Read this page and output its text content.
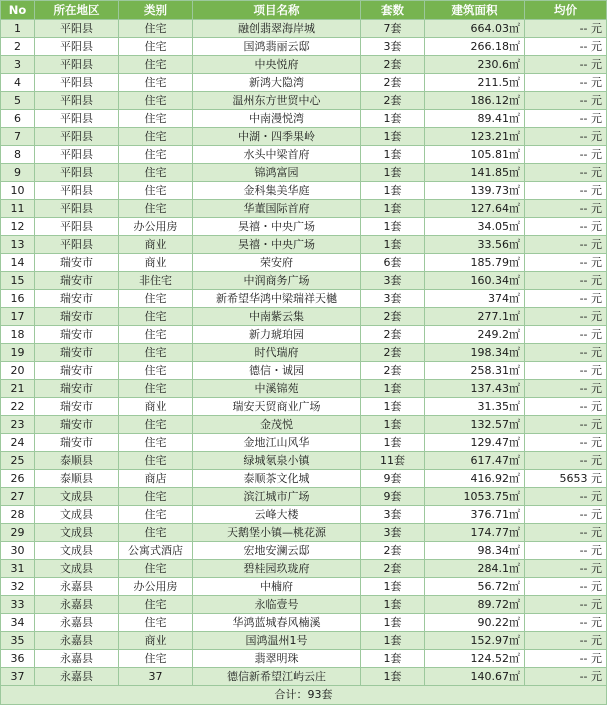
No	所在地区	类别	项目名称	套数	建筑面积	均价
1	平阳县	住宅	融创翡翠海岸城	7套	664.03㎡	-- 元
2	平阳县	住宅	国鸿翡丽云邸	3套	266.18㎡	-- 元
3	平阳县	住宅	中央悦府	2套	230.6㎡	-- 元
4	平阳县	住宅	新鸿大隐湾	2套	211.5㎡	-- 元
5	平阳县	住宅	温州东方世贸中心	2套	186.12㎡	-- 元
6	平阳县	住宅	中南漫悦湾	1套	89.41㎡	-- 元
7	平阳县	住宅	中湖・四季果岭	1套	123.21㎡	-- 元
8	平阳县	住宅	水头中梁首府	1套	105.81㎡	-- 元
9	平阳县	住宅	锦鸿富园	1套	141.85㎡	-- 元
10	平阳县	住宅	金科集美华庭	1套	139.73㎡	-- 元
11	平阳县	住宅	华董国际首府	1套	127.64㎡	-- 元
12	平阳县	办公用房	昊禧・中央广场	1套	34.05㎡	-- 元
13	平阳县	商业	昊禧・中央广场	1套	33.56㎡	-- 元
14	瑞安市	商业	荣安府	6套	185.79㎡	-- 元
15	瑞安市	非住宅	中润商务广场	3套	160.34㎡	-- 元
16	瑞安市	住宅	新希望华鸿中梁瑞祥天樾	3套	374㎡	-- 元
17	瑞安市	住宅	中南紫云集	2套	277.1㎡	-- 元
18	瑞安市	住宅	新力琥珀园	2套	249.2㎡	-- 元
19	瑞安市	住宅	时代瑞府	2套	198.34㎡	-- 元
20	瑞安市	住宅	德信・诚园	2套	258.31㎡	-- 元
21	瑞安市	住宅	中溪锦苑	1套	137.43㎡	-- 元
22	瑞安市	商业	瑞安天贸商业广场	1套	31.35㎡	-- 元
23	瑞安市	住宅	金茂悦	1套	132.57㎡	-- 元
24	瑞安市	住宅	金地江山风华	1套	129.47㎡	-- 元
25	泰顺县	住宅	绿城氡泉小镇	11套	617.47㎡	-- 元
26	泰顺县	商店	泰顺茶文化城	9套	416.92㎡	5653 元
27	文成县	住宅	滨江城市广场	9套	1053.75㎡	-- 元
28	文成县	住宅	云峰大楼	3套	376.71㎡	-- 元
29	文成县	住宅	天鹅堡小镇—桃花源	3套	174.77㎡	-- 元
30	文成县	公寓式酒店	宏地安澜云邸	2套	98.34㎡	-- 元
31	文成县	住宅	碧桂园玖珑府	2套	284.1㎡	-- 元
32	永嘉县	办公用房	中楠府	1套	56.72㎡	-- 元
33	永嘉县	住宅	永临壹号	1套	89.72㎡	-- 元
34	永嘉县	住宅	华鸿蓝城春风楠溪	1套	90.22㎡	-- 元
35	永嘉县	商业	国鸿温州1号	1套	152.97㎡	-- 元
36	永嘉县	住宅	翡翠明珠	1套	124.52㎡	-- 元
37	永嘉县	37	德信新希望江屿云庄	1套	140.67㎡	-- 元
合计：93套						
